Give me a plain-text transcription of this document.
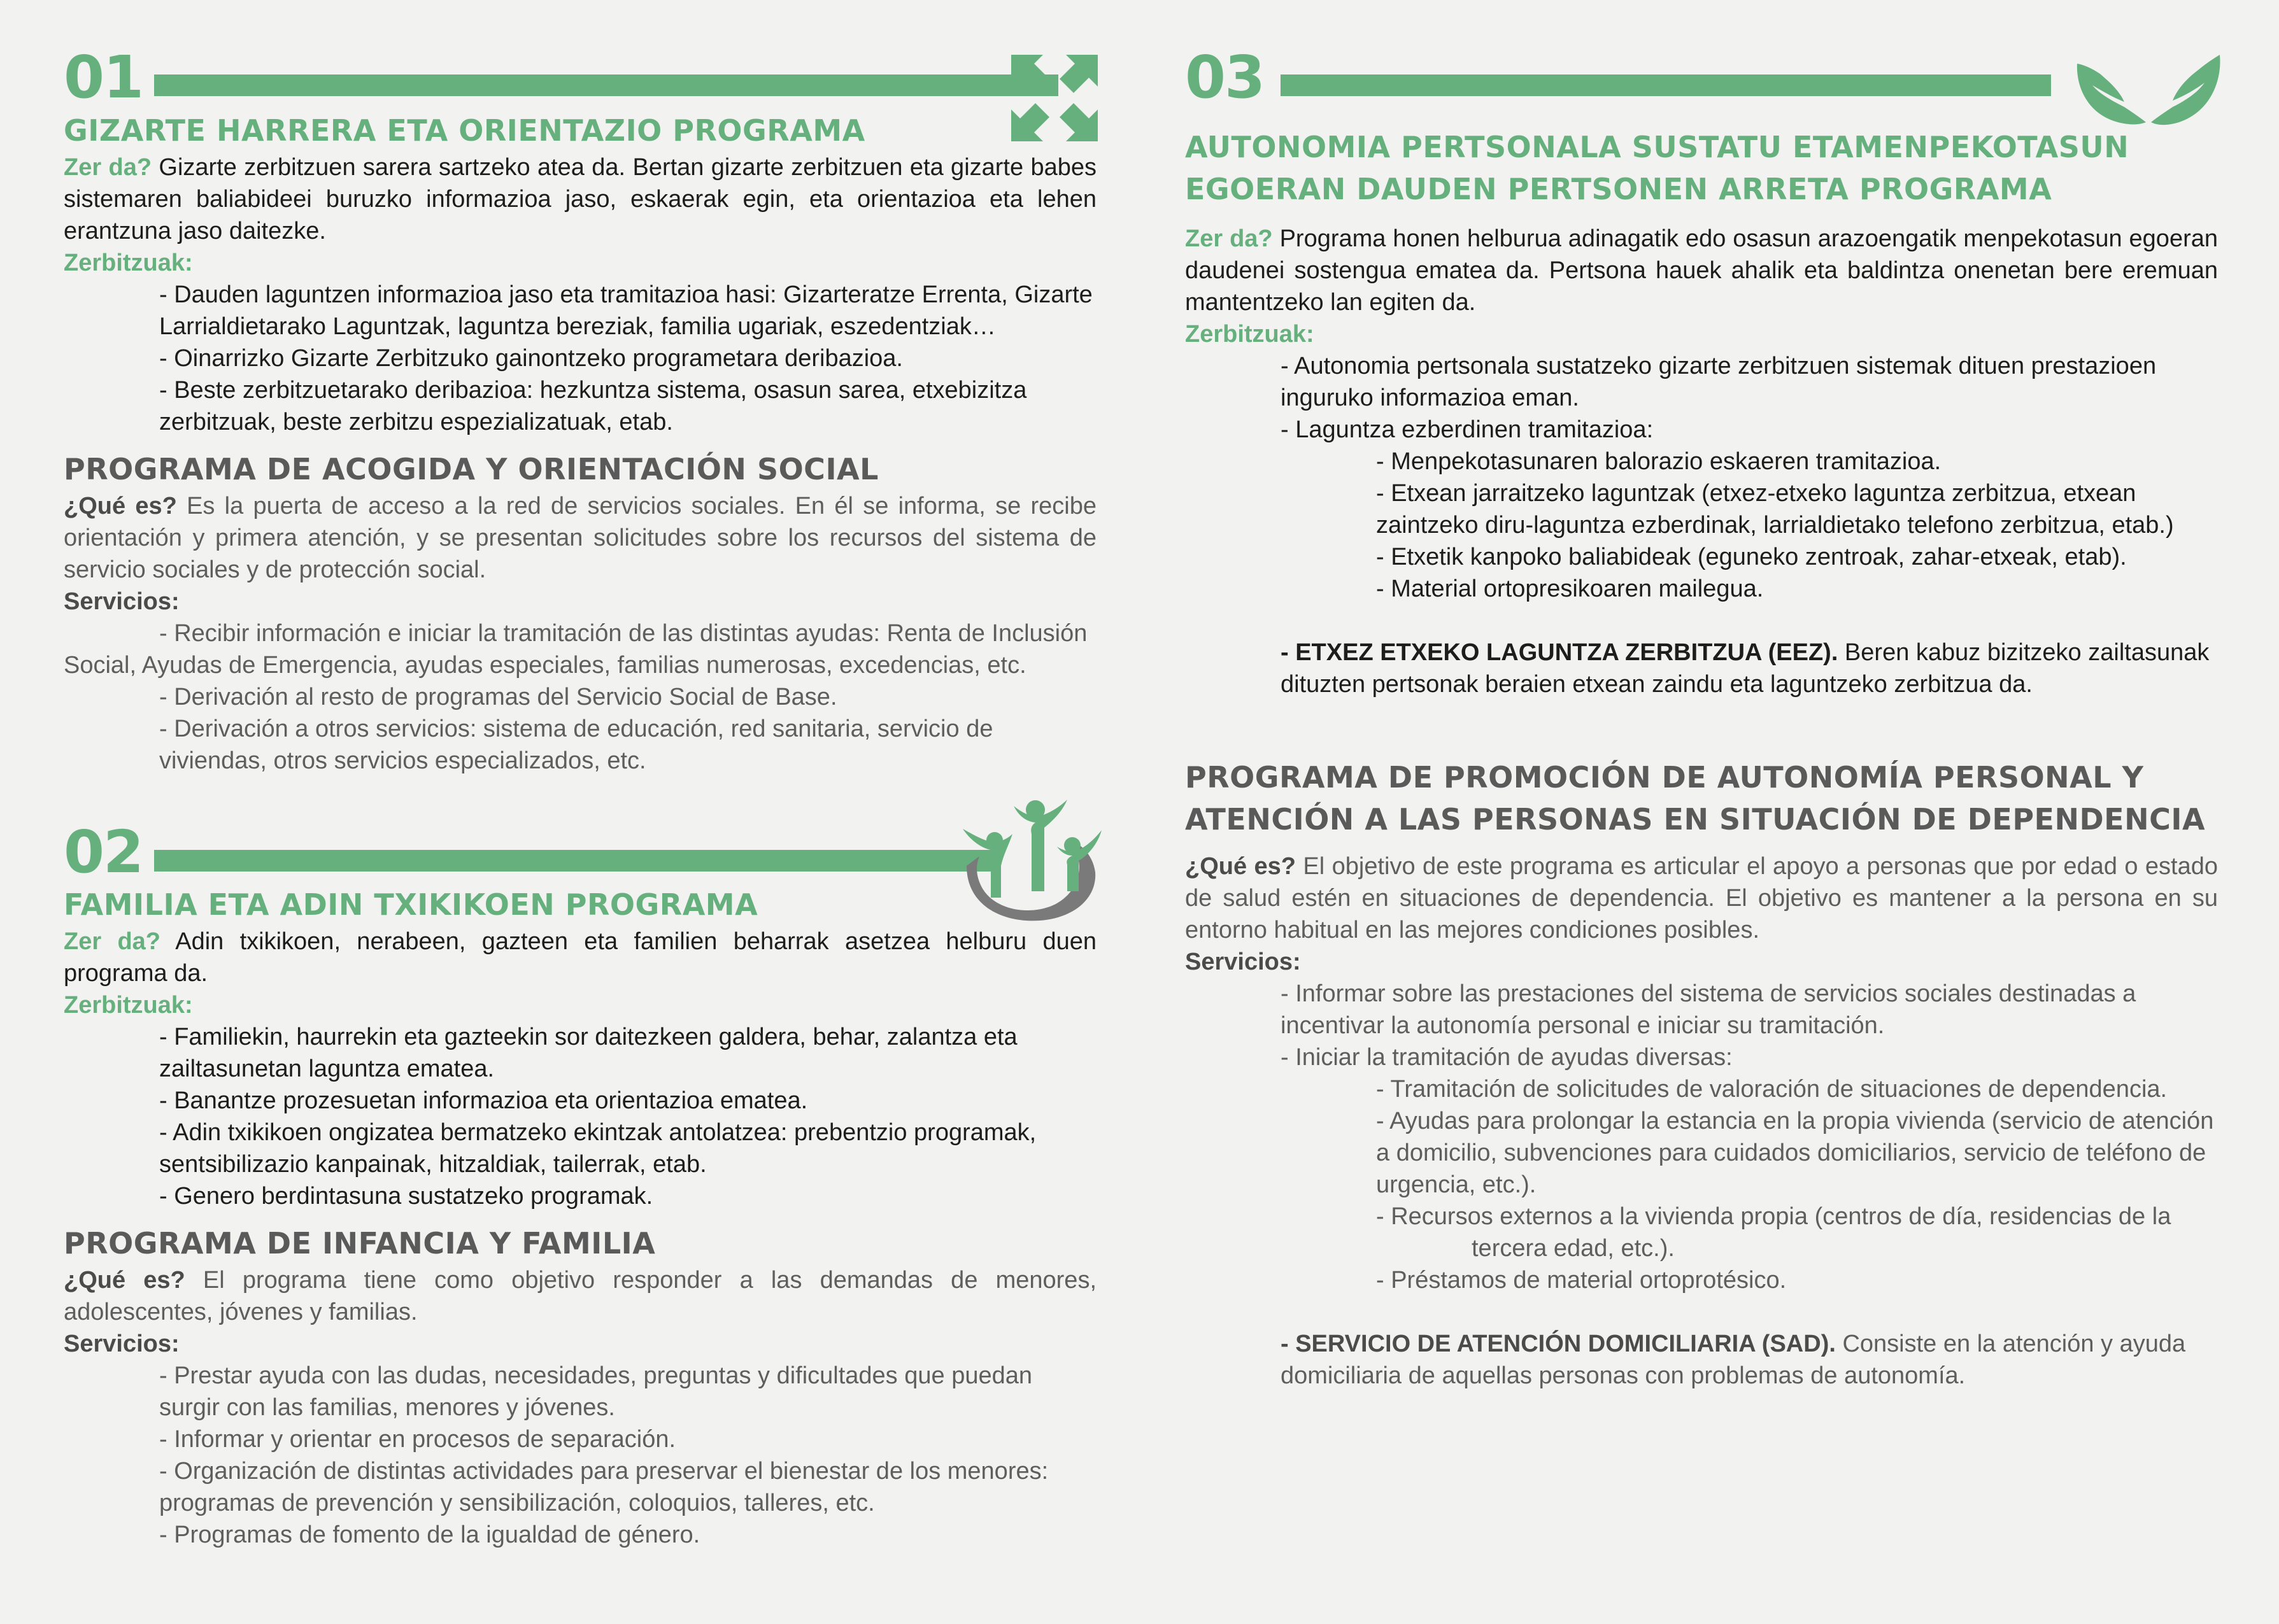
01
GIZARTE HARRERA ETA ORIENTAZIO PROGRAMA

Zer da? Gizarte zerbitzuen sarera sartzeko atea da. Bertan gizarte zerbitzuen eta gizarte babes sistemaren baliabideei buruzko informazioa jaso, eskaerak egin, eta orientazioa eta lehen erantzuna jaso daitezke.

Zerbitzuak:

- Dauden laguntzen informazioa jaso eta tramitazioa hasi: Gizarteratze Errenta, Gizarte Larrialdietarako Laguntzak, laguntza bereziak, familia ugariak, eszedentziak…

- Oinarrizko Gizarte Zerbitzuko gainontzeko programetara deribazioa.

- Beste zerbitzuetarako deribazioa: hezkuntza sistema, osasun sarea, etxebizitza zerbitzuak, beste zerbitzu espezializatuak, etab.

PROGRAMA DE ACOGIDA Y ORIENTACIÓN SOCIAL

¿Qué es? Es la puerta de acceso a la red de servicios sociales. En él se informa, se recibe orientación y primera atención, y se presentan solicitudes sobre los recursos del sistema de servicio sociales y de protección social.

Servicios:

- Recibir información e iniciar la tramitación de las distintas ayudas: Renta de Inclusión Social, Ayudas de Emergencia, ayudas especiales, familias numerosas, excedencias, etc.

- Derivación al resto de programas del Servicio Social de Base.

- Derivación a otros servicios: sistema de educación, red sanitaria, servicio de viviendas, otros servicios especializados, etc.

02
FAMILIA ETA ADIN TXIKIKOEN PROGRAMA

Zer da? Adin txikikoen, nerabeen, gazteen eta familien beharrak asetzea helburu duen programa da.

Zerbitzuak:

- Familiekin, haurrekin eta gazteekin sor daitezkeen galdera, behar, zalantza eta zailtasunetan laguntza ematea.

- Banantze prozesuetan informazioa eta orientazioa ematea.

- Adin txikikoen ongizatea bermatzeko ekintzak antolatzea: prebentzio programak, sentsibilizazio kanpainak, hitzaldiak, tailerrak, etab.

- Genero berdintasuna sustatzeko programak.

PROGRAMA DE INFANCIA Y FAMILIA

¿Qué es? El programa tiene como objetivo responder a las demandas de menores, adolescentes, jóvenes y familias.

Servicios:

- Prestar ayuda con las dudas, necesidades, preguntas y dificultades que puedan surgir con las familias, menores y jóvenes.

- Informar y orientar en procesos de separación.

- Organización de distintas actividades para preservar el bienestar de los menores: programas de prevención y sensibilización, coloquios, talleres, etc.

- Programas de fomento de la igualdad de género.

03
AUTONOMIA PERTSONALA SUSTATU ETAMENPEKOTASUN
EGOERAN DAUDEN PERTSONEN ARRETA PROGRAMA

Zer da? Programa honen helburua adinagatik edo osasun arazoengatik menpekotasun egoeran daudenei sostengua ematea da. Pertsona hauek ahalik eta baldintza onenetan bere eremuan mantentzeko lan egiten da.

Zerbitzuak:

- Autonomia pertsonala sustatzeko gizarte zerbitzuen sistemak dituen prestazioen inguruko informazioa eman.

- Laguntza ezberdinen tramitazioa:

- Menpekotasunaren balorazio eskaeren tramitazioa.

- Etxean jarraitzeko laguntzak (etxez-etxeko laguntza zerbitzua, etxean zaintzeko diru-laguntza ezberdinak, larrialdietako telefono zerbitzua, etab.)

- Etxetik kanpoko baliabideak (eguneko zentroak, zahar-etxeak, etab).

- Material ortopresikoaren mailegua.

- ETXEZ ETXEKO LAGUNTZA ZERBITZUA (EEZ). Beren kabuz bizitzeko zailtasunak dituzten pertsonak beraien etxean zaindu eta laguntzeko zerbitzua da.

PROGRAMA DE PROMOCIÓN DE AUTONOMÍA PERSONAL Y
ATENCIÓN A LAS PERSONAS EN SITUACIÓN DE DEPENDENCIA

¿Qué es? El objetivo de este programa es articular el apoyo a personas que por edad o estado de salud estén en situaciones de dependencia. El objetivo es mantener a la persona en su entorno habitual en las mejores condiciones posibles.

Servicios:

- Informar sobre las prestaciones del sistema de servicios sociales destinadas a incentivar la autonomía personal e iniciar su tramitación.

- Iniciar la tramitación de ayudas diversas:

- Tramitación de solicitudes de valoración de situaciones de dependencia.

- Ayudas para prolongar la estancia en la propia vivienda (servicio de atención a domicilio, subvenciones para cuidados domiciliarios, servicio de teléfono de urgencia, etc.).

- Recursos externos a la vivienda propia (centros de día, residencias de la

tercera edad, etc.).

- Préstamos de material ortoprotésico.

- SERVICIO DE ATENCIÓN DOMICILIARIA (SAD). Consiste en la atención y ayuda domiciliaria de aquellas personas con problemas de autonomía.
